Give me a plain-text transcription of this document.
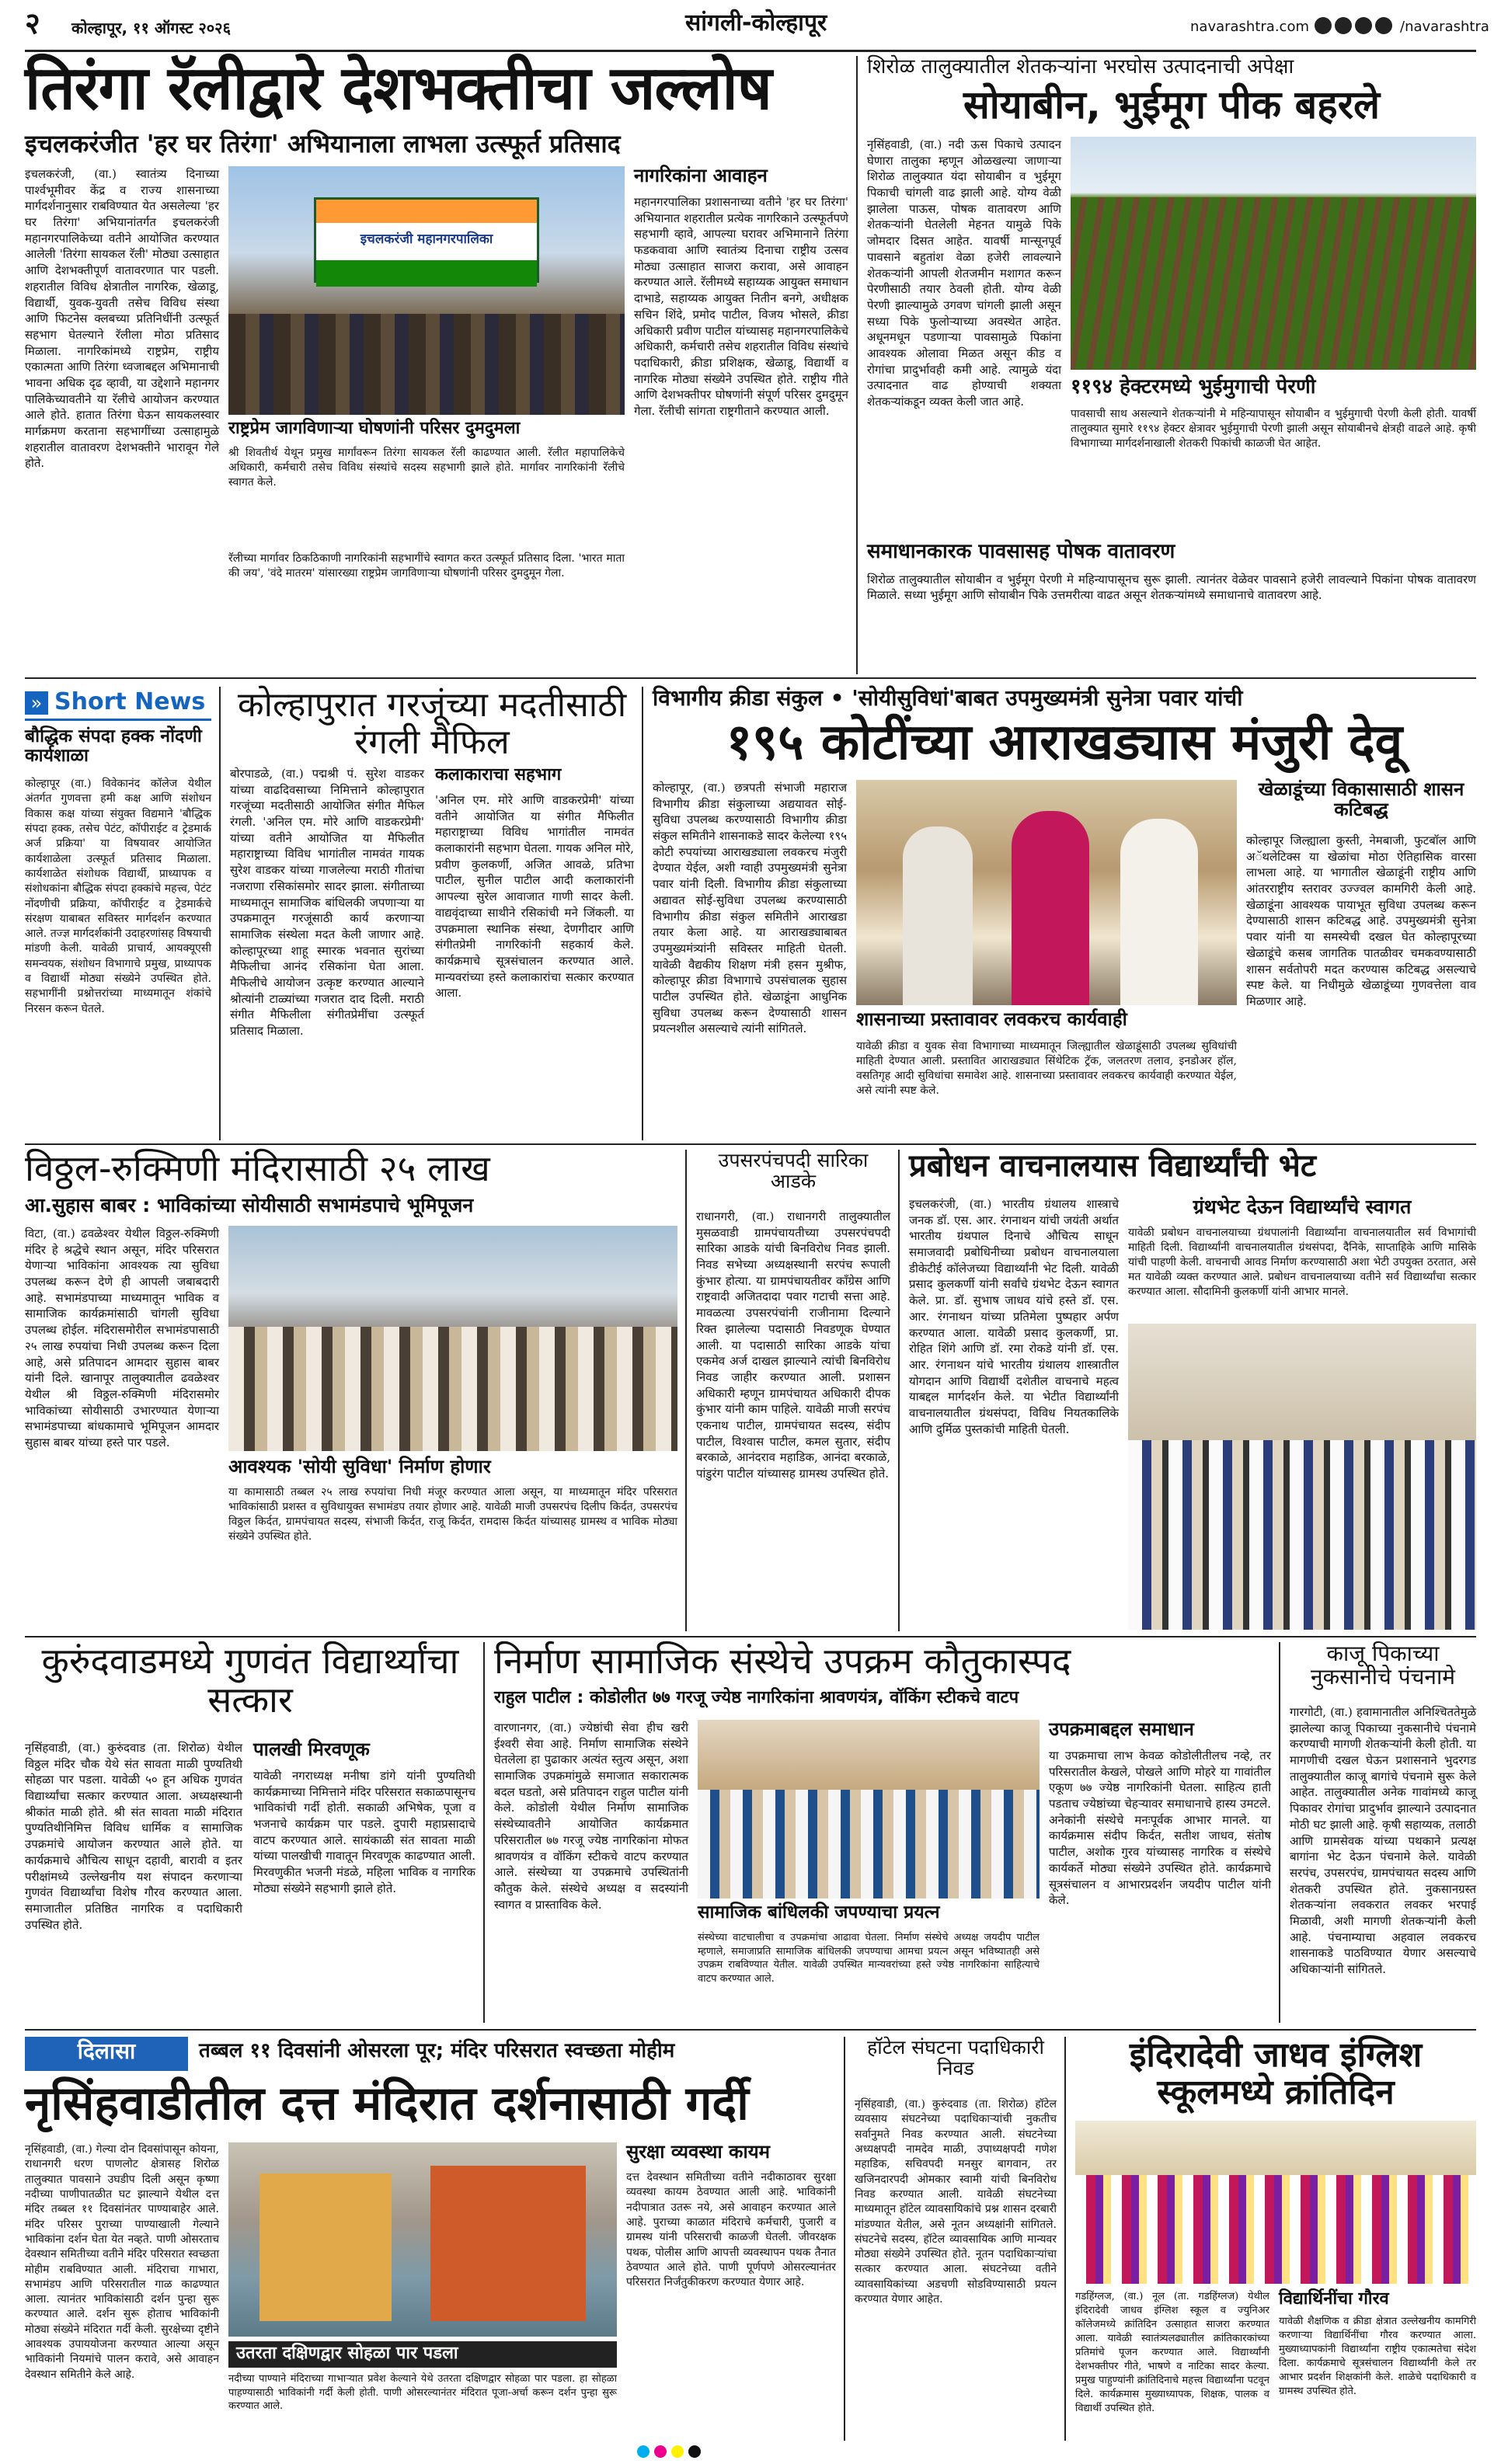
२ कोल्हापूर, ११ ऑगस्ट २०२६	सांगली-कोल्हापूर	navarashtra.com	/navarashtra
तिरंगा रॅलीद्वारे देशभक्तीचा जल्लोष
इचलकरंजीत 'हर घर तिरंगा' अभियानाला लाभला उत्स्फूर्त प्रतिसाद
इचलकरंजी, (वा.) स्वातंत्र्य दिनाच्या पार्श्वभूमीवर केंद्र व राज्य शासनाच्या मार्गदर्शनानुसार राबविण्यात येत असलेल्या 'हर घर तिरंगा' अभियानांतर्गत इचलकरंजी महानगरपालिकेच्या वतीने आयोजित करण्यात आलेली 'तिरंगा सायकल रॅली' मोठ्या उत्साहात आणि देशभक्तीपूर्ण वातावरणात पार पडली. शहरातील विविध क्षेत्रातील नागरिक, खेळाडू, विद्यार्थी, युवक-युवती तसेच विविध संस्था आणि फिटनेस क्लबच्या प्रतिनिधींनी उत्स्फूर्त सहभाग घेतल्याने रॅलीला मोठा प्रतिसाद मिळाला. नागरिकांमध्ये राष्ट्रप्रेम, राष्ट्रीय एकात्मता आणि तिरंगा ध्वजाबद्दल अभिमानाची भावना अधिक दृढ व्हावी, या उद्देशाने महानगर पालिकेच्यावतीने या रॅलीचे आयोजन करण्यात आले होते. हातात तिरंगा घेऊन सायकलस्वार मार्गक्रमण करताना सहभागींच्या उत्साहामुळे शहरातील वातावरण देशभक्तीने भारावून गेले होते.
इचलकरंजी महानगरपालिका
राष्ट्रप्रेम जागविणाऱ्या घोषणांनी परिसर दुमदुमला
श्री शिवतीर्थ येथून प्रमुख मार्गांवरून तिरंगा सायकल रॅली काढण्यात आली. रॅलीत महापालिकेचे अधिकारी, कर्मचारी तसेच विविध संस्थांचे सदस्य सहभागी झाले होते. मार्गावर नागरिकांनी रॅलीचे स्वागत केले.
रॅलीच्या मार्गावर ठिकठिकाणी नागरिकांनी सहभागींचे स्वागत करत उत्स्फूर्त प्रतिसाद दिला. 'भारत माता की जय', 'वंदे मातरम' यांसारख्या राष्ट्रप्रेम जागविणाऱ्या घोषणांनी परिसर दुमदुमून गेला.
नागरिकांना आवाहन
महानगरपालिका प्रशासनाच्या वतीने 'हर घर तिरंगा' अभियानात शहरातील प्रत्येक नागरिकाने उत्स्फूर्तपणे सहभागी व्हावे, आपल्या घरावर अभिमानाने तिरंगा फडकवावा आणि स्वातंत्र्य दिनाचा राष्ट्रीय उत्सव मोठ्या उत्साहात साजरा करावा, असे आवाहन करण्यात आले. रॅलीमध्ये सहाय्यक आयुक्त समाधान दाभाडे, सहाय्यक आयुक्त नितीन बनगे, अधीक्षक सचिन शिंदे, प्रमोद पाटील, विजय भोसले, क्रीडा अधिकारी प्रवीण पाटील यांच्यासह महानगरपालिकेचे अधिकारी, कर्मचारी तसेच शहरातील विविध संस्थांचे पदाधिकारी, क्रीडा प्रशिक्षक, खेळाडू, विद्यार्थी व नागरिक मोठ्या संख्येने उपस्थित होते. राष्ट्रीय गीते आणि देशभक्तीपर घोषणांनी संपूर्ण परिसर दुमदुमून गेला. रॅलीची सांगता राष्ट्रगीताने करण्यात आली.
शिरोळ तालुक्यातील शेतकऱ्यांना भरघोस उत्पादनाची अपेक्षा
सोयाबीन, भुईमूग पीक बहरले
नृसिंहवाडी, (वा.) नदी ऊस पिकाचे उत्पादन घेणारा तालुका म्हणून ओळखल्या जाणाऱ्या शिरोळ तालुक्यात यंदा सोयाबीन व भुईमूग पिकाची चांगली वाढ झाली आहे. योग्य वेळी झालेला पाऊस, पोषक वातावरण आणि शेतकऱ्यांनी घेतलेली मेहनत यामुळे पिके जोमदार दिसत आहेत. यावर्षी मान्सूनपूर्व पावसाने बहुतांश वेळा हजेरी लावल्याने शेतकऱ्यांनी आपली शेतजमीन मशागत करून पेरणीसाठी तयार ठेवली होती. योग्य वेळी पेरणी झाल्यामुळे उगवण चांगली झाली असून सध्या पिके फुलोऱ्याच्या अवस्थेत आहेत. अधूनमधून पडणाऱ्या पावसामुळे पिकांना आवश्यक ओलावा मिळत असून कीड व रोगांचा प्रादुर्भावही कमी आहे. त्यामुळे यंदा उत्पादनात वाढ होण्याची शक्यता शेतकऱ्यांकडून व्यक्त केली जात आहे.
११९४ हेक्टरमध्ये भुईमुगाची पेरणी
पावसाची साथ असल्याने शेतकऱ्यांनी मे महिन्यापासून सोयाबीन व भुईमुगाची पेरणी केली होती. यावर्षी तालुक्यात सुमारे ११९४ हेक्टर क्षेत्रावर भुईमुगाची पेरणी झाली असून सोयाबीनचे क्षेत्रही वाढले आहे. कृषी विभागाच्या मार्गदर्शनाखाली शेतकरी पिकांची काळजी घेत आहेत.
समाधानकारक पावसासह पोषक वातावरण
शिरोळ तालुक्यातील सोयाबीन व भुईमूग पेरणी मे महिन्यापासूनच सुरू झाली. त्यानंतर वेळेवर पावसाने हजेरी लावल्याने पिकांना पोषक वातावरण मिळाले. सध्या भुईमूग आणि सोयाबीन पिके उत्तमरीत्या वाढत असून शेतकऱ्यांमध्ये समाधानाचे वातावरण आहे.
» Short News
बौद्धिक संपदा हक्क नोंदणी कार्यशाळा
कोल्हापूर (वा.) विवेकानंद कॉलेज येथील अंतर्गत गुणवत्ता हमी कक्ष आणि संशोधन विकास कक्ष यांच्या संयुक्त विद्यमाने 'बौद्धिक संपदा हक्क, तसेच पेटंट, कॉपीराईट व ट्रेडमार्क अर्ज प्रक्रिया' या विषयावर आयोजित कार्यशाळेला उत्स्फूर्त प्रतिसाद मिळाला. कार्यशाळेत संशोधक विद्यार्थी, प्राध्यापक व संशोधकांना बौद्धिक संपदा हक्कांचे महत्त्व, पेटंट नोंदणीची प्रक्रिया, कॉपीराईट व ट्रेडमार्कचे संरक्षण याबाबत सविस्तर मार्गदर्शन करण्यात आले. तज्ज्ञ मार्गदर्शकांनी उदाहरणांसह विषयाची मांडणी केली. यावेळी प्राचार्य, आयक्यूएसी समन्वयक, संशोधन विभागाचे प्रमुख, प्राध्यापक व विद्यार्थी मोठ्या संख्येने उपस्थित होते. सहभागींनी प्रश्नोत्तरांच्या माध्यमातून शंकांचे निरसन करून घेतले.
कोल्हापुरात गरजूंच्या मदतीसाठी रंगली मैफिल
बोरपाडळे, (वा.) पद्मश्री पं. सुरेश वाडकर यांच्या वाढदिवसाच्या निमित्ताने कोल्हापुरात गरजूंच्या मदतीसाठी आयोजित संगीत मैफिल रंगली. 'अनिल एम. मोरे आणि वाडकरप्रेमी' यांच्या वतीने आयोजित या मैफिलीत महाराष्ट्राच्या विविध भागांतील नामवंत गायक सुरेश वाडकर यांच्या गाजलेल्या मराठी गीतांचा नजराणा रसिकांसमोर सादर झाला. संगीताच्या माध्यमातून सामाजिक बांधिलकी जपणाऱ्या या उपक्रमातून गरजूंसाठी कार्य करणाऱ्या सामाजिक संस्थेला मदत केली जाणार आहे. कोल्हापूरच्या शाहू स्मारक भवनात सुरांच्या मैफिलीचा आनंद रसिकांना घेता आला. मैफिलीचे आयोजन उत्कृष्ट करण्यात आल्याने श्रोत्यांनी टाळ्यांच्या गजरात दाद दिली. मराठी संगीत मैफिलीला संगीतप्रेमींचा उत्स्फूर्त प्रतिसाद मिळाला.
कलाकाराचा सहभाग
'अनिल एम. मोरे आणि वाडकरप्रेमी' यांच्या वतीने आयोजित या संगीत मैफिलीत महाराष्ट्राच्या विविध भागांतील नामवंत कलाकारांनी सहभाग घेतला. गायक अनिल मोरे, प्रवीण कुलकर्णी, अजित आवळे, प्रतिभा पाटील, सुनील पाटील आदी कलाकारांनी आपल्या सुरेल आवाजात गाणी सादर केली. वाद्यवृंदाच्या साथीने रसिकांची मने जिंकली. या उपक्रमाला स्थानिक संस्था, देणगीदार आणि संगीतप्रेमी नागरिकांनी सहकार्य केले. कार्यक्रमाचे सूत्रसंचालन करण्यात आले. मान्यवरांच्या हस्ते कलाकारांचा सत्कार करण्यात आला.
विभागीय क्रीडा संकुल • 'सोयीसुविधां'बाबत उपमुख्यमंत्री सुनेत्रा पवार यांची
१९५ कोटींच्या आराखड्यास मंजुरी देवू
कोल्हापूर, (वा.) छत्रपती संभाजी महाराज विभागीय क्रीडा संकुलाच्या अद्ययावत सोई-सुविधा उपलब्ध करण्यासाठी विभागीय क्रीडा संकुल समितीने शासनाकडे सादर केलेल्या १९५ कोटी रुपयांच्या आराखड्याला लवकरच मंजुरी देण्यात येईल, अशी ग्वाही उपमुख्यमंत्री सुनेत्रा पवार यांनी दिली. विभागीय क्रीडा संकुलाच्या अद्यावत सोई-सुविधा उपलब्ध करण्यासाठी विभागीय क्रीडा संकुल समितीने आराखडा तयार केला आहे. या आराखड्याबाबत उपमुख्यमंत्र्यांनी सविस्तर माहिती घेतली. यावेळी वैद्यकीय शिक्षण मंत्री हसन मुश्रीफ, कोल्हापूर क्रीडा विभागाचे उपसंचालक सुहास पाटील उपस्थित होते. खेळाडूंना आधुनिक सुविधा उपलब्ध करून देण्यासाठी शासन प्रयत्नशील असल्याचे त्यांनी सांगितले.	शासनाच्या प्रस्तावावर लवकरच कार्यवाही
यावेळी क्रीडा व युवक सेवा विभागाच्या माध्यमातून जिल्ह्यातील खेळाडूंसाठी उपलब्ध सुविधांची माहिती देण्यात आली. प्रस्तावित आराखड्यात सिंथेटिक ट्रॅक, जलतरण तलाव, इनडोअर हॉल, वसतिगृह आदी सुविधांचा समावेश आहे. शासनाच्या प्रस्तावावर लवकरच कार्यवाही करण्यात येईल, असे त्यांनी स्पष्ट केले.
खेळाडूंच्या विकासासाठी शासन कटिबद्ध
कोल्हापूर जिल्ह्याला कुस्ती, नेमबाजी, फुटबॉल आणि अॅथलेटिक्स या खेळांचा मोठा ऐतिहासिक वारसा लाभला आहे. या भागातील खेळाडूंनी राष्ट्रीय आणि आंतरराष्ट्रीय स्तरावर उज्ज्वल कामगिरी केली आहे. खेळाडूंना आवश्यक पायाभूत सुविधा उपलब्ध करून देण्यासाठी शासन कटिबद्ध आहे. उपमुख्यमंत्री सुनेत्रा पवार यांनी या समस्येची दखल घेत कोल्हापूरच्या खेळाडूंचे कसब जागतिक पातळीवर चमकवण्यासाठी शासन सर्वतोपरी मदत करण्यास कटिबद्ध असल्याचे स्पष्ट केले. या निधीमुळे खेळाडूंच्या गुणवत्तेला वाव मिळणार आहे.
विठ्ठल-रुक्मिणी मंदिरासाठी २५ लाख
आ.सुहास बाबर : भाविकांच्या सोयीसाठी सभामंडपाचे भूमिपूजन
विटा, (वा.) ढवळेश्वर येथील विठ्ठल-रुक्मिणी मंदिर हे श्रद्धेचे स्थान असून, मंदिर परिसरात येणाऱ्या भाविकांना आवश्यक त्या सुविधा उपलब्ध करून देणे ही आपली जबाबदारी आहे. सभामंडपाच्या माध्यमातून भाविक व सामाजिक कार्यक्रमांसाठी चांगली सुविधा उपलब्ध होईल. मंदिरासमोरील सभामंडपासाठी २५ लाख रुपयांचा निधी उपलब्ध करून दिला आहे, असे प्रतिपादन आमदार सुहास बाबर यांनी दिले. खानापूर तालुक्यातील ढवळेश्वर येथील श्री विठ्ठल-रुक्मिणी मंदिरासमोर भाविकांच्या सोयीसाठी उभारण्यात येणाऱ्या सभामंडपाच्या बांधकामाचे भूमिपूजन आमदार सुहास बाबर यांच्या हस्ते पार पडले.
आवश्यक 'सोयी सुविधा' निर्माण होणार
या कामासाठी तब्बल २५ लाख रुपयांचा निधी मंजूर करण्यात आला असून, या माध्यमातून मंदिर परिसरात भाविकांसाठी प्रशस्त व सुविधायुक्त सभामंडप तयार होणार आहे. यावेळी माजी उपसरपंच दिलीप किर्दत, उपसरपंच विठ्ठल किर्दत, ग्रामपंचायत सदस्य, संभाजी किर्दत, राजू किर्दत, रामदास किर्दत यांच्यासह ग्रामस्थ व भाविक मोठ्या संख्येने उपस्थित होते.
उपसरपंचपदी सारिका आडके
राधानगरी, (वा.) राधानगरी तालुक्यातील मुसळवाडी ग्रामपंचायतीच्या उपसरपंचपदी सारिका आडके यांची बिनविरोध निवड झाली. निवड सभेच्या अध्यक्षस्थानी सरपंच रूपाली कुंभार होत्या. या ग्रामपंचायतीवर काँग्रेस आणि राष्ट्रवादी अजितदादा पवार गटाची सत्ता आहे. मावळत्या उपसरपंचांनी राजीनामा दिल्याने रिक्त झालेल्या पदासाठी निवडणूक घेण्यात आली. या पदासाठी सारिका आडके यांचा एकमेव अर्ज दाखल झाल्याने त्यांची बिनविरोध निवड जाहीर करण्यात आली. प्रशासन अधिकारी म्हणून ग्रामपंचायत अधिकारी दीपक कुंभार यांनी काम पाहिले. यावेळी माजी सरपंच एकनाथ पाटील, ग्रामपंचायत सदस्य, संदीप पाटील, विश्वास पाटील, कमल सुतार, संदीप बरकाळे, आनंदराव महाडिक, आनंदा बरकाळे, पांडुरंग पाटील यांच्यासह ग्रामस्थ उपस्थित होते.
प्रबोधन वाचनालयास विद्यार्थ्यांची भेट
इचलकरंजी, (वा.) भारतीय ग्रंथालय शास्त्राचे जनक डॉ. एस. आर. रंगनाथन यांची जयंती अर्थात भारतीय ग्रंथपाल दिनाचे औचित्य साधून समाजवादी प्रबोधिनीच्या प्रबोधन वाचनालयाला डीकेटीई कॉलेजच्या विद्यार्थ्यांनी भेट दिली. यावेळी प्रसाद कुलकर्णी यांनी सर्वांचे ग्रंथभेट देऊन स्वागत केले. प्रा. डॉ. सुभाष जाधव यांचे हस्ते डॉ. एस. आर. रंगनाथन यांच्या प्रतिमेला पुष्पहार अर्पण करण्यात आला. यावेळी प्रसाद कुलकर्णी, प्रा. रोहित शिंगे आणि डॉ. रमा रोकडे यांनी डॉ. एस. आर. रंगनाथन यांचे भारतीय ग्रंथालय शास्त्रातील योगदान आणि विद्यार्थी दशेतील वाचनाचे महत्व याबद्दल मार्गदर्शन केले. या भेटीत विद्यार्थ्यांनी वाचनालयातील ग्रंथसंपदा, विविध नियतकालिके आणि दुर्मिळ पुस्तकांची माहिती घेतली.
ग्रंथभेट देऊन विद्यार्थ्यांचे स्वागत
यावेळी प्रबोधन वाचनालयाच्या ग्रंथपालांनी विद्यार्थ्यांना वाचनालयातील सर्व विभागांची माहिती दिली. विद्यार्थ्यांनी वाचनालयातील ग्रंथसंपदा, दैनिके, साप्ताहिके आणि मासिके यांची पाहणी केली. वाचनाची आवड निर्माण करण्यासाठी अशा भेटी उपयुक्त ठरतात, असे मत यावेळी व्यक्त करण्यात आले. प्रबोधन वाचनालयाच्या वतीने सर्व विद्यार्थ्यांचा सत्कार करण्यात आला. सौदामिनी कुलकर्णी यांनी आभार मानले.
कुरुंदवाडमध्ये गुणवंत विद्यार्थ्यांचा सत्कार
नृसिंहवाडी, (वा.) कुरुंदवाड (ता. शिरोळ) येथील विठ्ठल मंदिर चौक येथे संत सावता माळी पुण्यतिथी सोहळा पार पडला. यावेळी ५० हून अधिक गुणवंत विद्यार्थ्यांचा सत्कार करण्यात आला. अध्यक्षस्थानी श्रीकांत माळी होते. श्री संत सावता माळी मंदिरात पुण्यतिथीनिमित्त विविध धार्मिक व सामाजिक उपक्रमांचे आयोजन करण्यात आले होते. या कार्यक्रमाचे औचित्य साधून दहावी, बारावी व इतर परीक्षांमध्ये उल्लेखनीय यश संपादन करणाऱ्या गुणवंत विद्यार्थ्यांचा विशेष गौरव करण्यात आला. समाजातील प्रतिष्ठित नागरिक व पदाधिकारी उपस्थित होते.
पालखी मिरवणूक
यावेळी नगराध्यक्ष मनीषा डांगे यांनी पुण्यतिथी कार्यक्रमाच्या निमित्ताने मंदिर परिसरात सकाळपासूनच भाविकांची गर्दी होती. सकाळी अभिषेक, पूजा व भजनाचे कार्यक्रम पार पडले. दुपारी महाप्रसादाचे वाटप करण्यात आले. सायंकाळी संत सावता माळी यांच्या पालखीची गावातून मिरवणूक काढण्यात आली. मिरवणुकीत भजनी मंडळे, महिला भाविक व नागरिक मोठ्या संख्येने सहभागी झाले होते.
निर्माण सामाजिक संस्थेचे उपक्रम कौतुकास्पद
राहुल पाटील : कोडोलीत ७७ गरजू ज्येष्ठ नागरिकांना श्रावणयंत्र, वॉकिंग स्टीकचे वाटप
वारणानगर, (वा.) ज्येष्ठांची सेवा हीच खरी ईश्वरी सेवा आहे. निर्माण सामाजिक संस्थेने घेतलेला हा पुढाकार अत्यंत स्तुत्य असून, अशा सामाजिक उपक्रमांमुळे समाजात सकारात्मक बदल घडतो, असे प्रतिपादन राहुल पाटील यांनी केले. कोडोली येथील निर्माण सामाजिक संस्थेच्यावतीने आयोजित कार्यक्रमात परिसरातील ७७ गरजू ज्येष्ठ नागरिकांना मोफत श्रावणयंत्र व वॉकिंग स्टीकचे वाटप करण्यात आले. संस्थेच्या या उपक्रमाचे उपस्थितांनी कौतुक केले. संस्थेचे अध्यक्ष व सदस्यांनी स्वागत व प्रास्ताविक केले.	सामाजिक बांधिलकी जपण्याचा प्रयत्न
संस्थेच्या वाटचालीचा व उपक्रमांचा आढावा घेतला. निर्माण संस्थेचे अध्यक्ष जयदीप पाटील म्हणाले, समाजाप्रति सामाजिक बांधिलकी जपण्याचा आमचा प्रयत्न असून भविष्यातही असे उपक्रम राबविण्यात येतील. यावेळी उपस्थित मान्यवरांच्या हस्ते ज्येष्ठ नागरिकांना साहित्याचे वाटप करण्यात आले.
उपक्रमाबद्दल समाधान
या उपक्रमाचा लाभ केवळ कोडोलीतीलच नव्हे, तर परिसरातील केखले, पोखले आणि मोहरे या गावांतील एकूण ७७ ज्येष्ठ नागरिकांनी घेतला. साहित्य हाती पडताच ज्येष्ठांच्या चेहऱ्यावर समाधानाचे हास्य उमटले. अनेकांनी संस्थेचे मनःपूर्वक आभार मानले. या कार्यक्रमास संदीप किर्दत, सतीश जाधव, संतोष पाटील, अशोक गुरव यांच्यासह नागरिक व संस्थेचे कार्यकर्ते मोठ्या संख्येने उपस्थित होते. कार्यक्रमाचे सूत्रसंचालन व आभारप्रदर्शन जयदीप पाटील यांनी केले.
काजू पिकाच्या नुकसानीचे पंचनामे
गारगोटी, (वा.) हवामानातील अनिश्चिततेमुळे झालेल्या काजू पिकाच्या नुकसानीचे पंचनामे करण्याची मागणी शेतकऱ्यांनी केली होती. या मागणीची दखल घेऊन प्रशासनाने भुदरगड तालुक्यातील काजू बागांचे पंचनामे सुरू केले आहेत. तालुक्यातील अनेक गावांमध्ये काजू पिकावर रोगांचा प्रादुर्भाव झाल्याने उत्पादनात मोठी घट झाली आहे. कृषी सहाय्यक, तलाठी आणि ग्रामसेवक यांच्या पथकाने प्रत्यक्ष बागांना भेट देऊन पंचनामे केले. यावेळी सरपंच, उपसरपंच, ग्रामपंचायत सदस्य आणि शेतकरी उपस्थित होते. नुकसानग्रस्त शेतकऱ्यांना लवकरात लवकर भरपाई मिळावी, अशी मागणी शेतकऱ्यांनी केली आहे. पंचनाम्याचा अहवाल लवकरच शासनाकडे पाठविण्यात येणार असल्याचे अधिकाऱ्यांनी सांगितले.
दिलासा	तब्बल ११ दिवसांनी ओसरला पूर; मंदिर परिसरात स्वच्छता मोहीम
नृसिंहवाडीतील दत्त मंदिरात दर्शनासाठी गर्दी
नृसिंहवाडी, (वा.) गेल्या दोन दिवसांपासून कोयना, राधानगरी धरण पाणलोट क्षेत्रासह शिरोळ तालुक्यात पावसाने उघडीप दिली असून कृष्णा नदीच्या पाणीपातळीत घट झाल्याने येथील दत्त मंदिर तब्बल ११ दिवसांनंतर पाण्याबाहेर आले. मंदिर परिसर पुराच्या पाण्याखाली गेल्याने भाविकांना दर्शन घेता येत नव्हते. पाणी ओसरताच देवस्थान समितीच्या वतीने मंदिर परिसरात स्वच्छता मोहीम राबविण्यात आली. मंदिराचा गाभारा, सभामंडप आणि परिसरातील गाळ काढण्यात आला. त्यानंतर भाविकांसाठी दर्शन पुन्हा सुरू करण्यात आले. दर्शन सुरू होताच भाविकांनी मोठ्या संख्येने मंदिरात गर्दी केली. सुरक्षेच्या दृष्टीने आवश्यक उपाययोजना करण्यात आल्या असून भाविकांनी नियमांचे पालन करावे, असे आवाहन देवस्थान समितीने केले आहे.
उतरता दक्षिणद्वार सोहळा पार पडला
नदीच्या पाण्याने मंदिराच्या गाभाऱ्यात प्रवेश केल्याने येथे उतरता दक्षिणद्वार सोहळा पार पडला. हा सोहळा पाहण्यासाठी भाविकांनी गर्दी केली होती. पाणी ओसरल्यानंतर मंदिरात पूजा-अर्चा करून दर्शन पुन्हा सुरू करण्यात आले.
सुरक्षा व्यवस्था कायम
दत्त देवस्थान समितीच्या वतीने नदीकाठावर सुरक्षा व्यवस्था कायम ठेवण्यात आली आहे. भाविकांनी नदीपात्रात उतरू नये, असे आवाहन करण्यात आले आहे. पुराच्या काळात मंदिराचे कर्मचारी, पुजारी व ग्रामस्थ यांनी परिसराची काळजी घेतली. जीवरक्षक पथक, पोलीस आणि आपत्ती व्यवस्थापन पथक तैनात ठेवण्यात आले होते. पाणी पूर्णपणे ओसरल्यानंतर परिसरात निर्जंतुकीकरण करण्यात येणार आहे.
हॉटेल संघटना पदाधिकारी निवड
नृसिंहवाडी, (वा.) कुरुंदवाड (ता. शिरोळ) हॉटेल व्यवसाय संघटनेच्या पदाधिकाऱ्यांची नुकतीच सर्वानुमते निवड करण्यात आली. संघटनेच्या अध्यक्षपदी नामदेव माळी, उपाध्यक्षपदी गणेश महाडिक, सचिवपदी मनसुर बागवान, तर खजिनदारपदी ओमकार स्वामी यांची बिनविरोध निवड करण्यात आली. यावेळी संघटनेच्या माध्यमातून हॉटेल व्यावसायिकांचे प्रश्न शासन दरबारी मांडण्यात येतील, असे नूतन अध्यक्षांनी सांगितले. संघटनेचे सदस्य, हॉटेल व्यावसायिक आणि मान्यवर मोठ्या संख्येने उपस्थित होते. नूतन पदाधिकाऱ्यांचा सत्कार करण्यात आला. संघटनेच्या वतीने व्यावसायिकांच्या अडचणी सोडविण्यासाठी प्रयत्न करण्यात येणार आहेत.
इंदिरादेवी जाधव इंग्लिश स्कूलमध्ये क्रांतिदिन
गडहिंग्लज, (वा.) नूल (ता. गडहिंग्लज) येथील इंदिरादेवी जाधव इंग्लिश स्कूल व ज्युनिअर कॉलेजमध्ये क्रांतिदिन उत्साहात साजरा करण्यात आला. यावेळी स्वातंत्र्यलढ्यातील क्रांतिकारकांच्या प्रतिमांचे पूजन करण्यात आले. विद्यार्थ्यांनी देशभक्तीपर गीते, भाषणे व नाटिका सादर केल्या. प्रमुख पाहुण्यांनी क्रांतिदिनाचे महत्त्व विद्यार्थ्यांना पटवून दिले. कार्यक्रमास मुख्याध्यापक, शिक्षक, पालक व विद्यार्थी उपस्थित होते.
विद्यार्थिनींचा गौरव
यावेळी शैक्षणिक व क्रीडा क्षेत्रात उल्लेखनीय कामगिरी करणाऱ्या विद्यार्थिनींचा गौरव करण्यात आला. मुख्याध्यापकांनी विद्यार्थ्यांना राष्ट्रीय एकात्मतेचा संदेश दिला. कार्यक्रमाचे सूत्रसंचालन विद्यार्थ्यांनी केले तर आभार प्रदर्शन शिक्षकांनी केले. शाळेचे पदाधिकारी व ग्रामस्थ उपस्थित होते.
